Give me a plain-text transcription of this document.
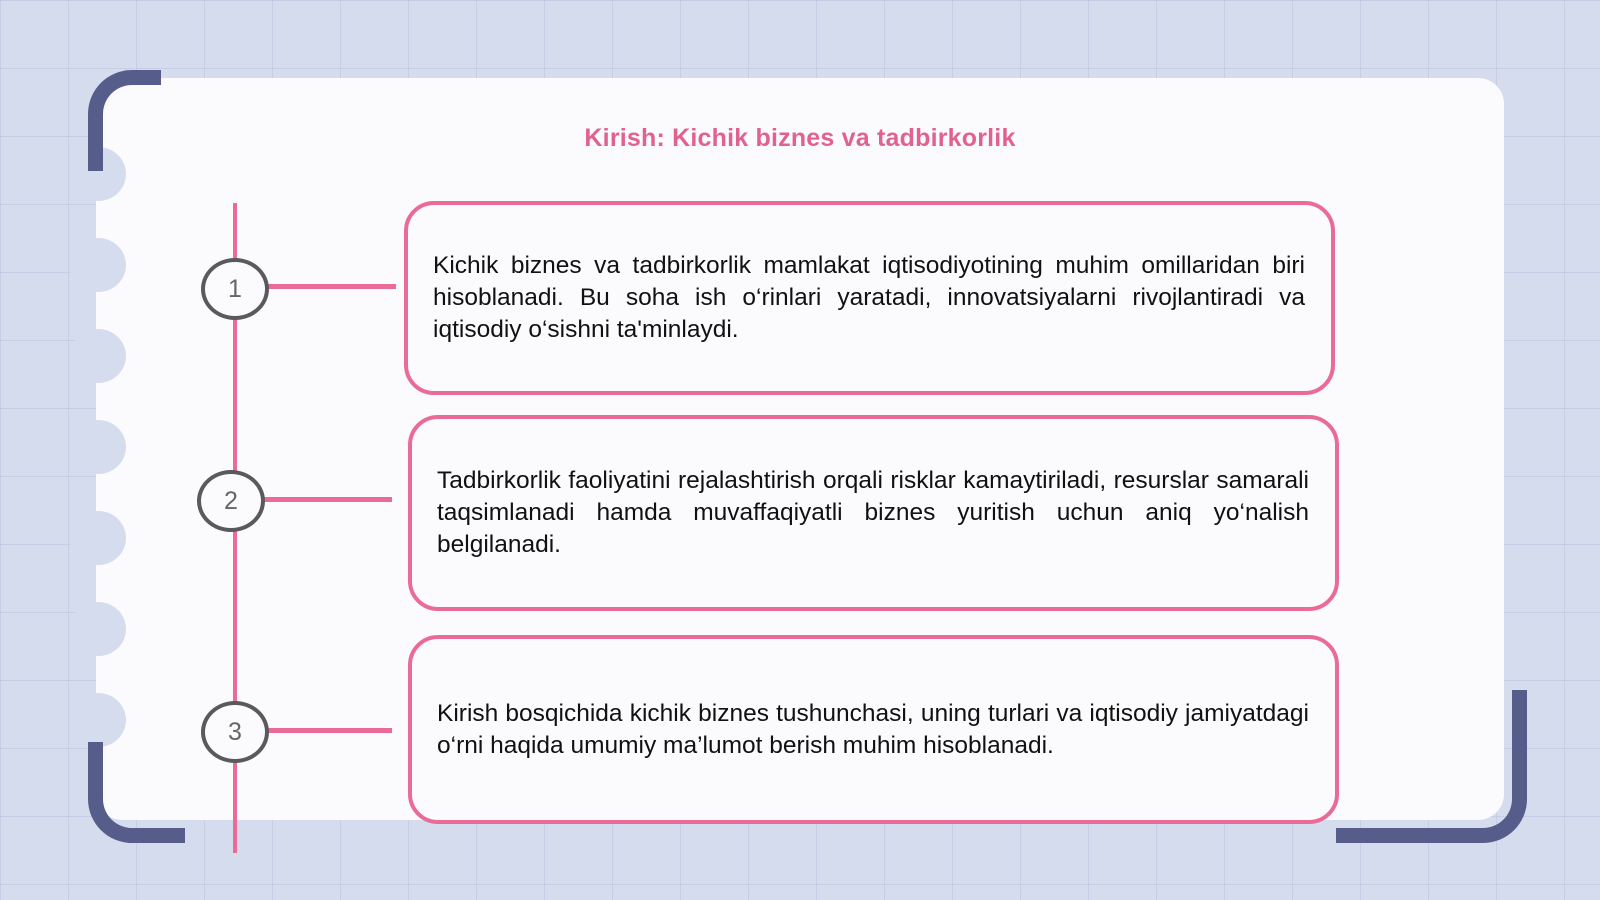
Kirish: Kichik biznes va tadbirkorlik
1
2
3

Kichik biznes va tadbirkorlik mamlakat iqtisodiyotining muhim omillaridan biri hisoblanadi. Bu soha ish o‘rinlari yaratadi, innovatsiyalarni rivojlantiradi va iqtisodiy o‘sishni ta'minlaydi.

Tadbirkorlik faoliyatini rejalashtirish orqali risklar kamaytiriladi, resurslar samarali taqsimlanadi hamda muvaffaqiyatli biznes yuritish uchun aniq yo‘nalish belgilanadi.

Kirish bosqichida kichik biznes tushunchasi, uning turlari va iqtisodiy jamiyatdagi o‘rni haqida umumiy ma’lumot berish muhim hisoblanadi.
